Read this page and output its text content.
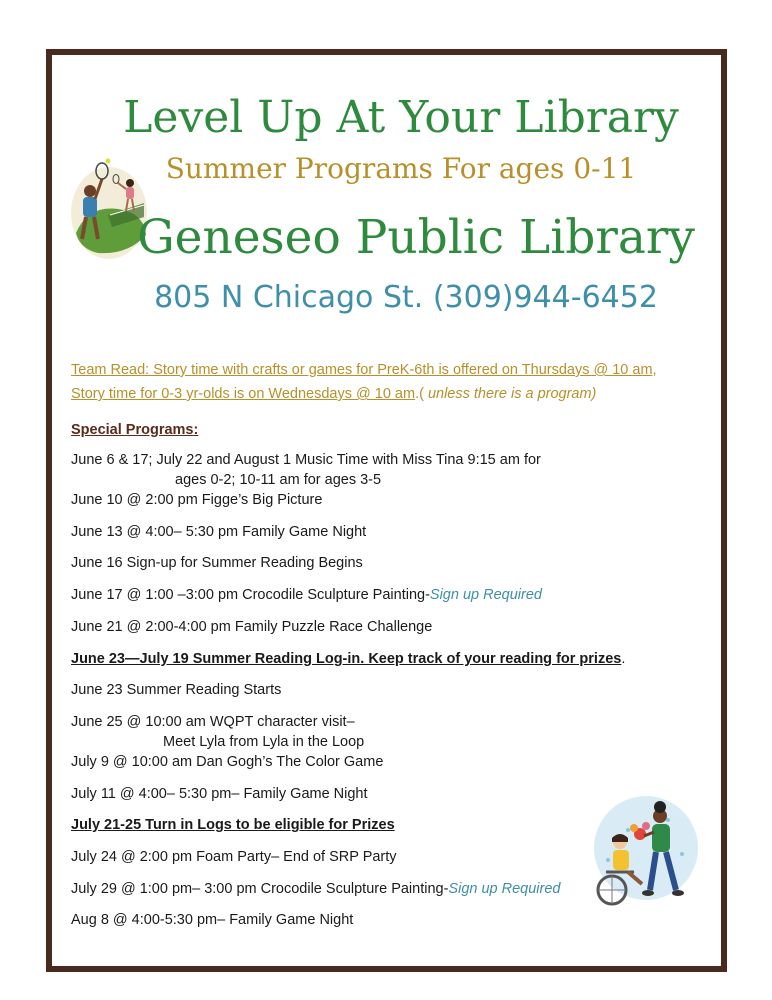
Level Up At Your Library
Summer Programs For ages 0-11
Geneseo Public Library
805 N Chicago St. (309)944-6452
Team Read: Story time with crafts or games for PreK-6th is offered on Thursdays @ 10 am,
Story time for 0-3 yr-olds is on Wednesdays @ 10 am.( unless there is a program)
Special Programs:
June 6 & 17; July 22 and August 1 Music Time with Miss Tina 9:15 am for
ages 0-2; 10-11 am for ages 3-5
June 10 @ 2:00 pm Figge’s Big Picture
June 13 @ 4:00– 5:30 pm Family Game Night
June 16 Sign-up for Summer Reading Begins
June 17 @ 1:00 –3:00 pm Crocodile Sculpture Painting-Sign up Required
June 21 @ 2:00-4:00 pm Family Puzzle Race Challenge
June 23—July 19 Summer Reading Log-in. Keep track of your reading for prizes.
June 23 Summer Reading Starts
June 25 @ 10:00 am WQPT character visit–
Meet Lyla from Lyla in the Loop
July 9 @ 10:00 am Dan Gogh’s The Color Game
July 11 @ 4:00– 5:30 pm– Family Game Night
July 21-25 Turn in Logs to be eligible for Prizes
July 24 @ 2:00 pm Foam Party– End of SRP Party
July 29 @ 1:00 pm– 3:00 pm Crocodile Sculpture Painting-Sign up Required
Aug 8 @ 4:00-5:30 pm– Family Game Night
